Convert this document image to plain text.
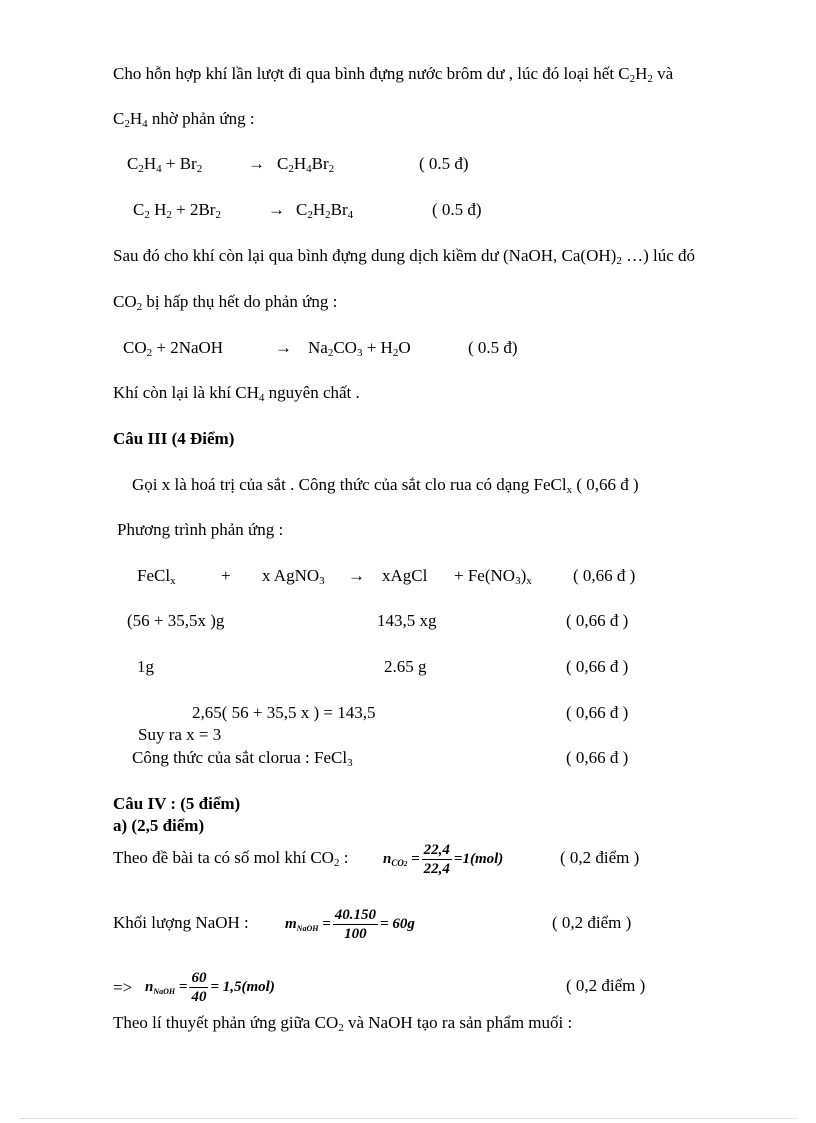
Cho hỗn hợp khí lần lượt đi qua bình đựng nước brôm dư , lúc đó loại hết $C_2H_2$ và
$C_2H_4$ nhờ phản ứng :
$C_2H_4 + Br_2$	→ $C_2H_4Br_2$	( 0.5 đ)
$C_2$ $H_2 + 2Br_2$	→ $C_2H_2Br_4$	( 0.5 đ)
Sau đó cho khí còn lại qua bình đựng dung dịch kiềm dư (NaOH, $Ca(OH)_2$ …) lúc đó
$CO_2$ bị hấp thụ hết do phản ứng :
$CO_2$ + 2NaOH	→ $Na_2CO_3 + H_2O$	( 0.5 đ)
Khí còn lại là khí $CH_4$ nguyên chất .
Câu III (4 Điểm)
Gọi x là hoá trị của sắt . Công thức của sắt clo rua có dạng FeCl$_x$ ( 0,66 đ )
Phương trình phản ứng :
FeCl$_x$	+ x AgNO$_3$ → xAgCl + $Fe(NO_3)_x$ ( 0,66 đ )
(56 + 35,5x )g	143,5 xg	( 0,66 đ )
1g	2.65 g	( 0,66 đ )
2,65( 56 + 35,5 x ) = 143,5	( 0,66 đ )
Suy ra x = 3
Công thức của sắt clorua : FeCl$_3$	( 0,66 đ )
Câu IV : (5 điểm)
a) (2,5 điểm)
Theo đề bài ta có số mol khí $CO_2$ : $n_{CO2} = \frac{22,4}{22,4} =1(mol)$	( 0,2 điểm )
Khối lượng NaOH : $m_{NaOH} = \frac{40.150}{100} = 60g$	( 0,2 điểm )
=> $n_{NaOH} = \frac{60}{40} = 1,5(mol)$	( 0,2 điểm )
Theo lí thuyết phản ứng giữa $CO_2$ và NaOH tạo ra sản phẩm muối :
